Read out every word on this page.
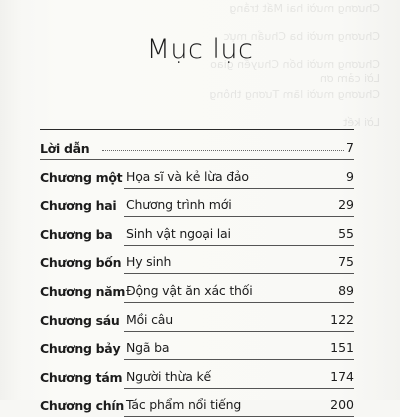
Chương mười hai Mất trắng
Chương mười ba Chuẩn mực
Chương mười bốn Chuyển giao
Lời cảm ơn
Chương mười lăm Tương thông
Lời kết
Mục lục
Lời dẫn	7
Chương một Họa sĩ và kẻ lừa đảo	9
Chương hai Chương trình mới	29
Chương ba Sinh vật ngoại lai	55
Chương bốn Hy sinh	75
Chương năm Động vật ăn xác thối	89
Chương sáu Mồi câu	122
Chương bảy Ngã ba	151
Chương tám Người thừa kế	174
Chương chín Tác phẩm nổi tiếng	200
